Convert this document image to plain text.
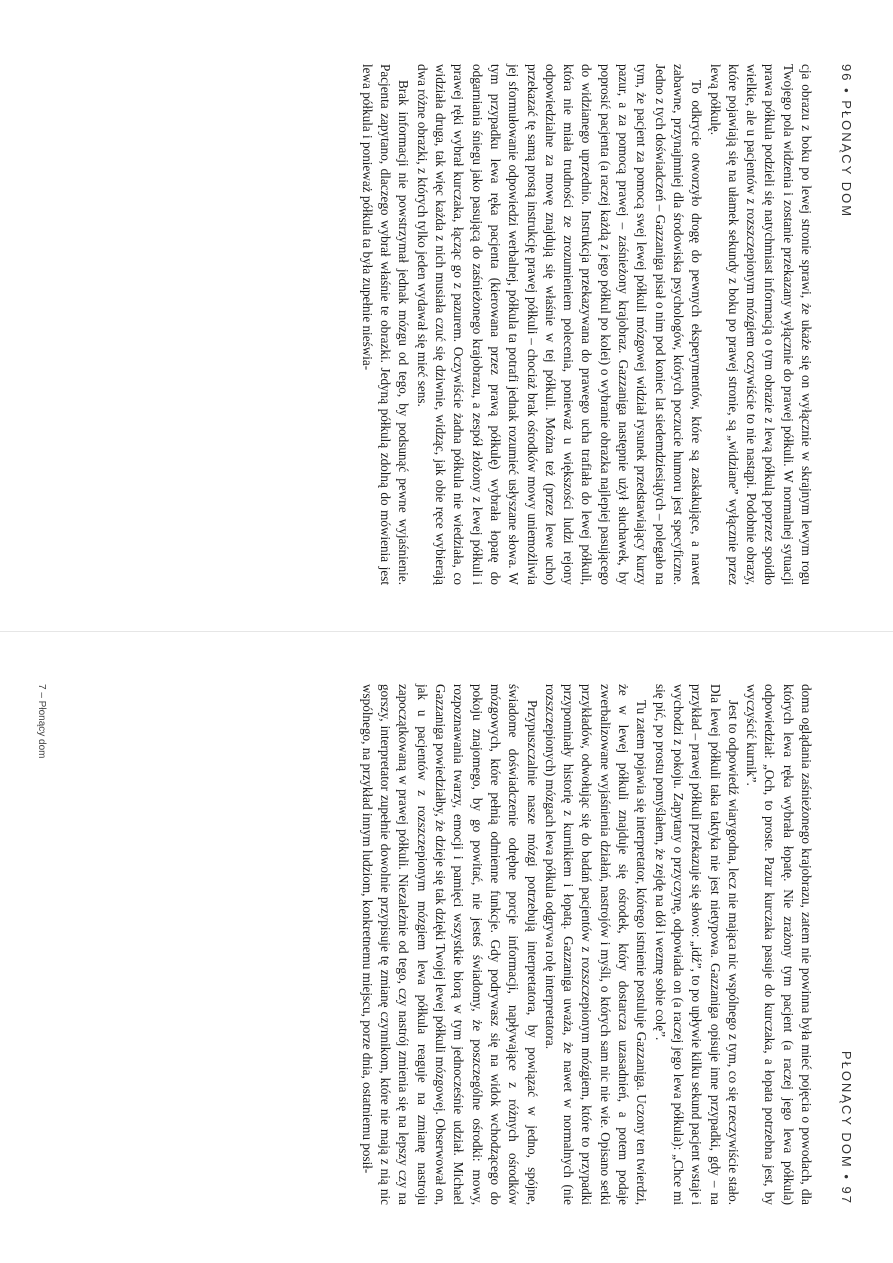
96 • PŁONĄCY DOM

cja obrazu z boku po lewej stronie sprawi, że ukaże się on wyłącznie w skrajnym lewym rogu Twojego pola widzenia i zostanie przekazany wyłącznie do prawej półkuli. W normalnej sytuacji prawa półkula podzieli się natychmiast informacją o tym obrazie z lewą półkulą poprzez spoidło wielkie, ale u pacjentów z rozszczepionym mózgiem oczywiście to nie nastąpi. Podobnie obrazy, które pojawiają się na ułamek sekundy z boku po prawej stronie, są „widziane” wyłącznie przez lewą półkulę.

To odkrycie otworzyło drogę do pewnych eksperymentów, które są zaskakujące, a nawet zabawne, przynajmniej dla środowiska psychologów, których poczucie humoru jest specyficzne. Jedno z tych doświadczeń – Gazzaniga pisał o nim pod koniec lat siedemdziesiątych – polegało na tym, że pacjent za pomocą swej lewej półkuli mózgowej widział rysunek przedstawiający kurzy pazur, a za pomocą prawej – zaśnieżony krajobraz. Gazzaniga następnie użył słuchawek, by poprosić pacjenta (a raczej każdą z jego półkul po kolei) o wybranie obrazka najlepiej pasującego do widzianego uprzednio. Instrukcja przekazywana do prawego ucha trafiała do lewej półkuli, która nie miała trudności ze zrozumieniem polecenia, ponieważ u większości ludzi rejony odpowiedzialne za mowę znajdują się właśnie w tej półkuli. Można też (przez lewe ucho) przekazać tę samą prostą instrukcję prawej półkuli – chociaż brak ośrodków mowy uniemożliwia jej sformułowanie odpowiedzi werbalnej, półkula ta potrafi jednak rozumieć usłyszane słowa. W tym przypadku lewa ręka pacjenta (kierowana przez prawą półkulę) wybrała łopatę do odgarniania śniegu jako pasującą do zaśnieżonego krajobrazu, a zespół złożony z lewej półkuli i prawej ręki wybrał kurczaka, łącząc go z pazurem. Oczywiście żadna półkula nie wiedziała, co widziała druga, tak więc każda z nich musiała czuć się dziwnie, widząc, jak obie ręce wybierają dwa różne obrazki, z których tylko jeden wydawał się mieć sens.

Brak informacji nie powstrzymał jednak mózgu od tego, by podsunąć pewne wyjaśnienie. Pacjenta zapytano, dlaczego wybrał właśnie te obrazki. Jedyną półkulą zdolną do mówienia jest lewa półkula i ponieważ półkula ta była zupełnie nieświa-

PŁONĄCY DOM • 97

doma oglądania zaśnieżonego krajobrazu, zatem nie powinna była mieć pojęcia o powodach, dla których lewa ręka wybrała łopatę. Nie zrażony tym pacjent (a raczej jego lewa półkula) odpowiedział: „Och, to proste. Pazur kurczaka pasuje do kurczaka, a łopata potrzebna jest, by wyczyścić kurnik”.

Jest to odpowiedź wiarygodna, lecz nie mająca nic wspólnego z tym, co się rzeczywiście stało. Dla lewej półkuli taka taktyka nie jest nietypowa. Gazzaniga opisuje inne przypadki, gdy – na przykład – prawej półkuli przekazuje się słowo: „idź”, to po upływie kilku sekund pacjent wstaje i wychodzi z pokoju. Zapytany o przyczynę, odpowiada on (a raczej jego lewa półkula): „Chce mi się pić, po prostu pomyślałem, że zejdę na dół i wezmę sobie colę”.

Tu zatem pojawia się interpretator, którego istnienie postuluje Gazzaniga. Uczony ten twierdzi, że w lewej półkuli znajduje się ośrodek, który dostarcza uzasadnień, a potem podaje zwerbalizowane wyjaśnienia działań, nastrojów i myśli, o których sam nic nie wie. Opisano setki przykładów, odwołując się do badań pacjentów z rozszczepionym mózgiem, które to przypadki przypominały historię z kurnikiem i łopatą. Gazzaniga uważa, że nawet w normalnych (nie rozszczepionych) mózgach lewa półkula odgrywa rolę interpretatora.

Przypuszczalnie nasze mózgi potrzebują interpretatora, by powiązać w jedno, spójne, świadome doświadczenie odrębne porcje informacji, napływające z różnych ośrodków mózgowych, które pełnią odmienne funkcje. Gdy podrywasz się na widok wchodzącego do pokoju znajomego, by go powitać, nie jesteś świadomy, że poszczególne ośrodki: mowy, rozpoznawania twarzy, emocji i pamięci wszystkie biorą w tym jednocześnie udział. Michael Gazzaniga powiedziałby, że dzieje się tak dzięki Twojej lewej półkuli mózgowej. Obserwował on, jak u pacjentów z rozszczepionym mózgiem lewa półkula reaguje na zmianę nastroju zapoczątkowaną w prawej półkuli. Niezależnie od tego, czy nastrój zmienia się na lepszy czy na gorszy, interpretator zupełnie dowolnie przypisuje tę zmianę czynnikom, które nie mają z nią nic wspólnego, na przykład innym ludziom, konkretnemu miejscu, porze dnia, ostatniemu posił-

7 – Płonący dom
